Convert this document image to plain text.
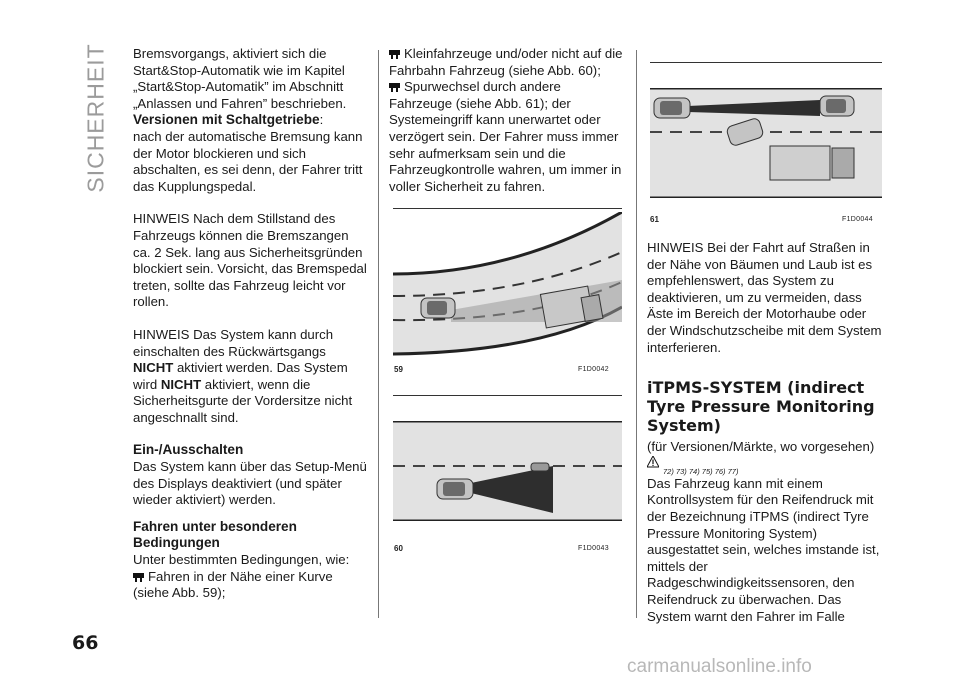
SICHERHEIT Bremsvorgangs, aktiviert sich die Start&Stop-Automatik wie im Kapitel „Start&Stop-Automatik” im Abschnitt „Anlassen und Fahren” beschrieben.

Versionen mit Schaltgetriebe:

nach der automatische Bremsung kann der Motor blockieren und sich abschalten, es sei denn, der Fahrer tritt das Kupplungspedal.

HINWEIS Nach dem Stillstand des Fahrzeugs können die Bremszangen ca. 2 Sek. lang aus Sicherheitsgründen blockiert sein. Vorsicht, das Bremspedal treten, sollte das Fahrzeug leicht vor rollen.

HINWEIS Das System kann durch einschalten des Rückwärtsgangs NICHT aktiviert werden. Das System wird NICHT aktiviert, wenn die Sicherheitsgurte der Vordersitze nicht angeschnallt sind.

Ein-/Ausschalten

Das System kann über das Setup-Menü des Displays deaktiviert (und später wieder aktiviert) werden.

Fahren unter besonderen Bedingungen

Unter bestimmten Bedingungen, wie:

Fahren in der Nähe einer Kurve (siehe Abb. 59);

Kleinfahrzeuge und/oder nicht auf die Fahrbahn Fahrzeug (siehe Abb. 60);

Spurwechsel durch andere Fahrzeuge (siehe Abb. 61); der Systemeingriff kann unerwartet oder verzögert sein. Der Fahrer muss immer sehr aufmerksam sein und die Fahrzeugkontrolle wahren, um immer in voller Sicherheit zu fahren.

59	F1D0042
60	F1D0043
61	F1D0044

HINWEIS Bei der Fahrt auf Straßen in der Nähe von Bäumen und Laub ist es empfehlenswert, das System zu deaktivieren, um zu vermeiden, dass Äste im Bereich der Motorhaube oder der Windschutzscheibe mit dem System interferieren.

iTPMS-SYSTEM (indirect Tyre Pressure Monitoring System)

(für Versionen/Märkte, wo vorgesehen)

72) 73) 74) 75) 76) 77)

Das Fahrzeug kann mit einem Kontrollsystem für den Reifendruck mit der Bezeichnung iTPMS (indirect Tyre Pressure Monitoring System) ausgestattet sein, welches imstande ist, mittels der Radgeschwindigkeitssensoren, den Reifendruck zu überwachen. Das System warnt den Fahrer im Falle

66
carmanualsonline.info
